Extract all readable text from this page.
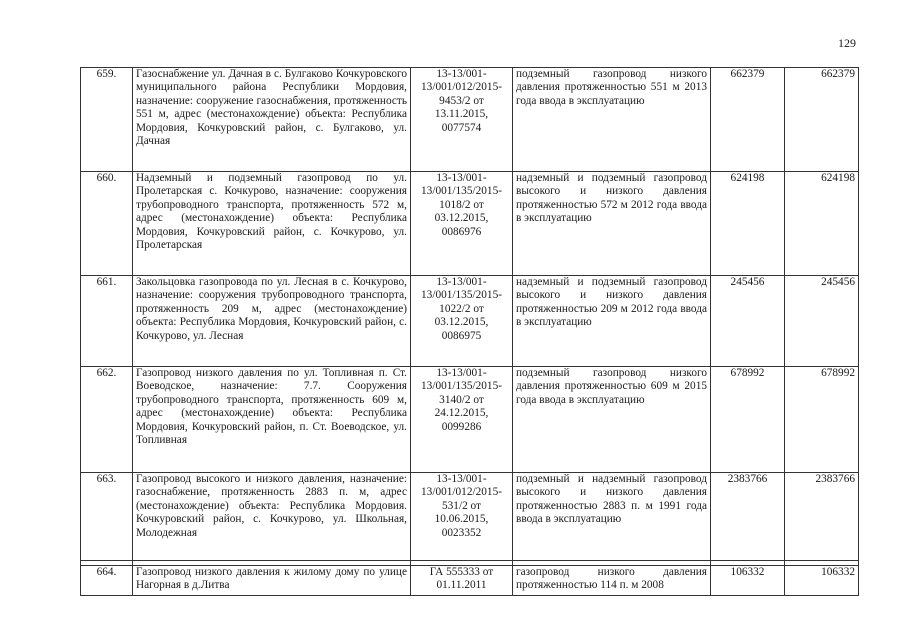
129
659.	Газоснабжение ул. Дачная в с. Булгаково Кочкуровского муниципального района Республики Мордовия, назначение: сооружение газоснабжения, протяженность 551 м, адрес (местонахождение) объекта: Республика Мордовия, Кочкуровский район, с. Булгаково, ул. Дачная	13-13/001-13/001/012/2015-9453/2 от 13.11.2015, 0077574	подземный газопровод низкого давления протяженностью 551 м 2013 года ввода в эксплуатацию	662379	662379
660.	Надземный и подземный газопровод по ул. Пролетарская с. Кочкурово, назначение: сооружения трубопроводного транспорта, протяженность 572 м, адрес (местонахождение) объекта: Республика Мордовия, Кочкуровский район, с. Кочкурово, ул. Пролетарская	13-13/001-13/001/135/2015-1018/2 от 03.12.2015, 0086976	надземный и подземный газопровод высокого и низкого давления протяженностью 572 м 2012 года ввода в эксплуатацию	624198	624198
661.	Закольцовка газопровода по ул. Лесная в с. Кочкурово, назначение: сооружения трубопроводного транспорта, протяженность 209 м, адрес (местонахождение) объекта: Республика Мордовия, Кочкуровский район, с. Кочкурово, ул. Лесная	13-13/001-13/001/135/2015-1022/2 от 03.12.2015, 0086975	надземный и подземный газопровод высокого и низкого давления протяженностью 209 м 2012 года ввода в эксплуатацию	245456	245456
662.	Газопровод низкого давления по ул. Топливная п. Ст. Воеводское, назначение: 7.7. Сооружения трубопроводного транспорта, протяженность 609 м, адрес (местонахождение) объекта: Республика Мордовия, Кочкуровский район, п. Ст. Воеводское, ул. Топливная	13-13/001-13/001/135/2015-3140/2 от 24.12.2015, 0099286	подземный газопровод низкого давления протяженностью 609 м 2015 года ввода в эксплуатацию	678992	678992
663.	Газопровод высокого и низкого давления, назначение: газоснабжение, протяженность 2883 п. м, адрес (местонахождение) объекта: Республика Мордовия. Кочкуровский район, с. Кочкурово, ул. Школьная, Молодежная	13-13/001-13/001/012/2015-531/2 от 10.06.2015, 0023352	подземный и надземный газопровод высокого и низкого давления протяженностью 2883 п. м 1991 года ввода в эксплуатацию	2383766	2383766

664.	Газопровод низкого давления к жилому дому по улице Нагорная в д.Литва	ГА 555333 от 01.11.2011	газопровод низкого давления протяженностью 114 п. м 2008	106332	106332
